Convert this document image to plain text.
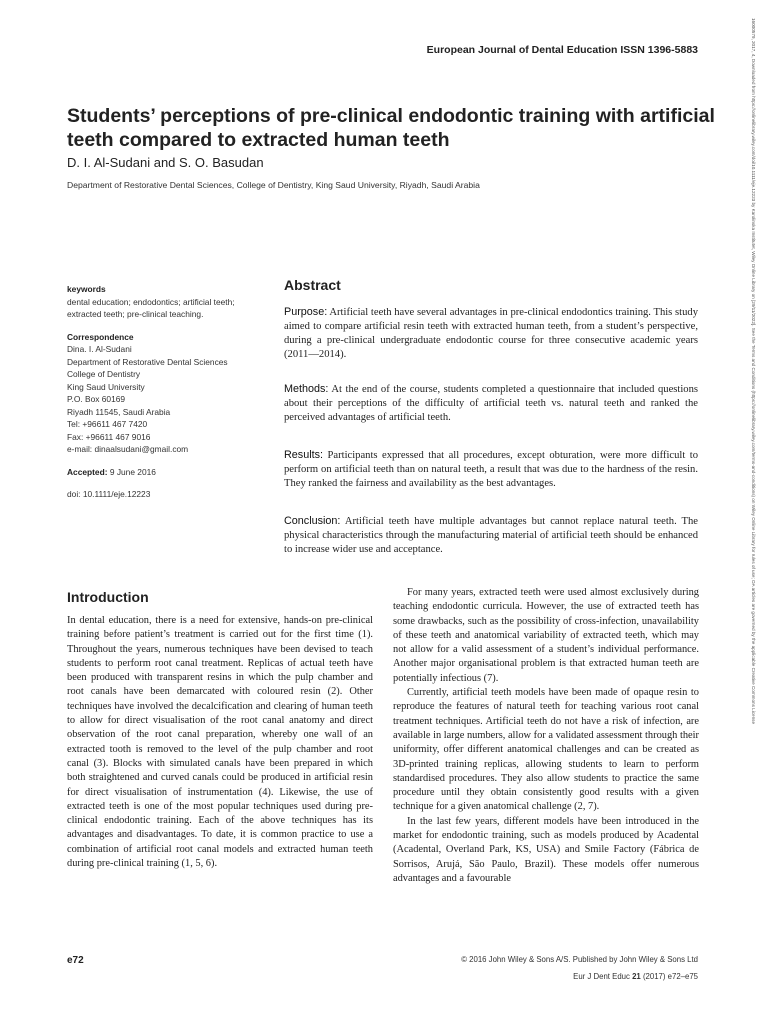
European Journal of Dental Education ISSN 1396-5883	16000579, 2017, 4, Downloaded from https://onlinelibrary.wiley.com/doi/10.1111/eje.12223 by Karolinska Institutet, Wiley Online Library on [29/11/2022]. See the Terms and Conditions (https://onlinelibrary.wiley.com/terms-and-conditions) on Wiley Online Library for rules of use; OA articles are governed by the applicable Creative Commons License
Students’ perceptions of pre-clinical endodontic training with artificial teeth compared to extracted human teeth
D. I. Al-Sudani and S. O. Basudan
Department of Restorative Dental Sciences, College of Dentistry, King Saud University, Riyadh, Saudi Arabia
keywords
dental education; endodontics; artificial teeth;
extracted teeth; pre-clinical teaching.
Correspondence
Dina. I. Al-Sudani
Department of Restorative Dental Sciences
College of Dentistry
King Saud University
P.O. Box 60169
Riyadh 11545, Saudi Arabia
Tel: +96611 467 7420
Fax: +96611 467 9016
e-mail: dinaalsudani@gmail.com
Accepted: 9 June 2016
doi: 10.1111/eje.12223
Abstract

Purpose: Artificial teeth have several advantages in pre-clinical endodontics training. This study aimed to compare artificial resin teeth with extracted human teeth, from a student’s perspective, during a pre-clinical undergraduate endodontic course for three consecutive academic years (2011—2014).

Methods: At the end of the course, students completed a questionnaire that included questions about their perceptions of the difficulty of artificial teeth vs. natural teeth and ranked the perceived advantages of artificial teeth.

Results: Participants expressed that all procedures, except obturation, were more difficult to perform on artificial teeth than on natural teeth, a result that was due to the hardness of the resin. They ranked the fairness and availability as the best advantages.

Conclusion: Artificial teeth have multiple advantages but cannot replace natural teeth. The physical characteristics through the manufacturing material of artificial teeth should be enhanced to increase wider use and acceptance.

Introduction

In dental education, there is a need for extensive, hands-on pre-clinical training before patient’s treatment is carried out for the first time (1). Throughout the years, numerous techniques have been devised to teach students to perform root canal treatment. Replicas of actual teeth have been produced with transparent resins in which the pulp chamber and root canals have been demarcated with coloured resin (2). Other techniques have involved the decalcification and clearing of human teeth to allow for direct visualisation of the root canal anatomy and direct observation of the root canal preparation, whereby one wall of an extracted tooth is removed to the level of the pulp chamber and root canal (3). Blocks with simulated canals have been prepared in which both straightened and curved canals could be produced in artificial resin for direct visualisation of instrumentation (4). Likewise, the use of extracted teeth is one of the most popular techniques used during pre-clinical endodontic training. Each of the above techniques has its advantages and disadvantages. To date, it is common practice to use a combination of artificial root canal models and extracted human teeth during pre-clinical training (1, 5, 6).

For many years, extracted teeth were used almost exclusively during teaching endodontic curricula. However, the use of extracted teeth has some drawbacks, such as the possibility of cross-infection, unavailability of these teeth and anatomical variability of extracted teeth, which may not allow for a valid assessment of a student’s individual performance. Another major organisational problem is that extracted human teeth are potentially infectious (7).

Currently, artificial teeth models have been made of opaque resin to reproduce the features of natural teeth for teaching various root canal treatment techniques. Artificial teeth do not have a risk of infection, are available in large numbers, allow for a validated assessment through their uniformity, offer different anatomical challenges and can be created as 3D-printed training replicas, allowing students to learn to perform standardised procedures. They also allow students to practice the same procedure until they obtain consistently good results with a given technique for a given anatomical challenge (2, 7).

In the last few years, different models have been introduced in the market for endodontic training, such as models produced by Acadental (Acadental, Overland Park, KS, USA) and Smile Factory (Fábrica de Sorrisos, Arujá, São Paulo, Brazil). These models offer numerous advantages and a favourable

e72	© 2016 John Wiley & Sons A/S. Published by John Wiley & Sons Ltd
Eur J Dent Educ 21 (2017) e72–e75
